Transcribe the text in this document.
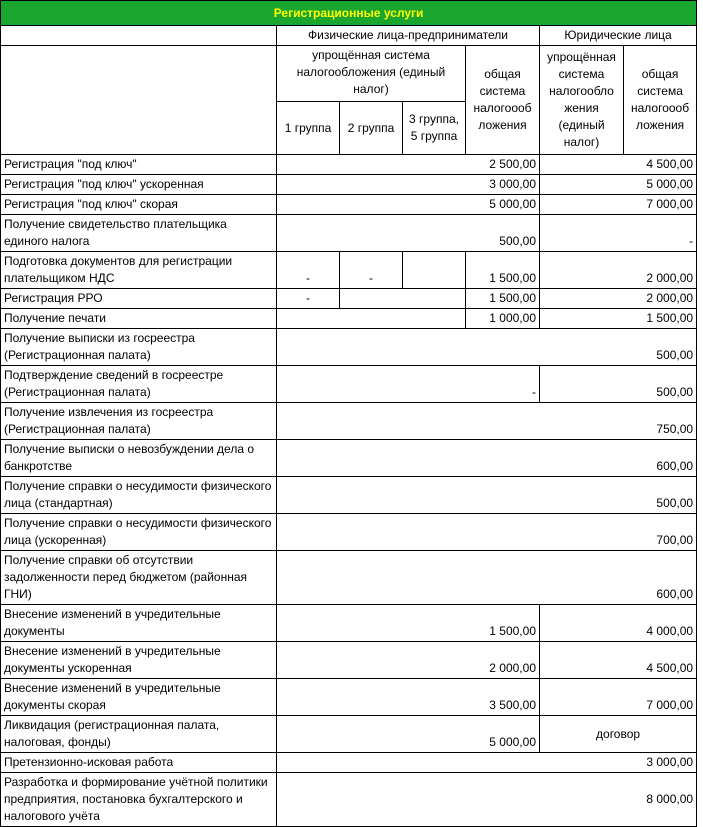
Регистрационные услуги						
	Физические лица-предприниматели				Юридические лица	
	упрощённая система налогообложения (единый налог)			общая система налогоооб ложения	упрощённая система налогообло жения (единый налог)	общая система налогоооб ложения
	1 группа	2 группа	3 группа, 5 группа			
Регистрация "под ключ"	2 500,00				4 500,00	
Регистрация "под ключ" ускоренная	3 000,00				5 000,00	
Регистрация "под ключ" скорая	5 000,00				7 000,00	
Получение свидетельство плательщика единого налога	500,00				-	
Подготовка документов для регистрации плательщиком НДС	-	-		1 500,00	2 000,00	
Регистрация РРО	-			1 500,00	2 000,00	
Получение печати				1 000,00	1 500,00	
Получение выписки из госреестра (Регистрационная палата)	500,00					
Подтверждение сведений в госреестре (Регистрационная палата)	-				500,00	
Получение извлечения из госреестра (Регистрационная палата)	750,00					
Получение выписки о невозбуждении дела о банкротстве	600,00					
Получение справки о несудимости физического лица (стандартная)	500,00					
Получение справки о несудимости физического лица (ускоренная)	700,00					
Получение справки об отсутствии задолженности перед бюджетом (районная ГНИ)	600,00					
Внесение изменений в учредительные документы	1 500,00				4 000,00	
Внесение изменений в учредительные документы ускоренная	2 000,00				4 500,00	
Внесение изменений в учредительные документы скорая	3 500,00				7 000,00	
Ликвидация (регистрационная палата, налоговая, фонды)	5 000,00				договор	
Претензионно-исковая работа	3 000,00					
Разработка и формирование учётной политики предприятия, постановка бухгалтерского и налогового учёта	8 000,00					
